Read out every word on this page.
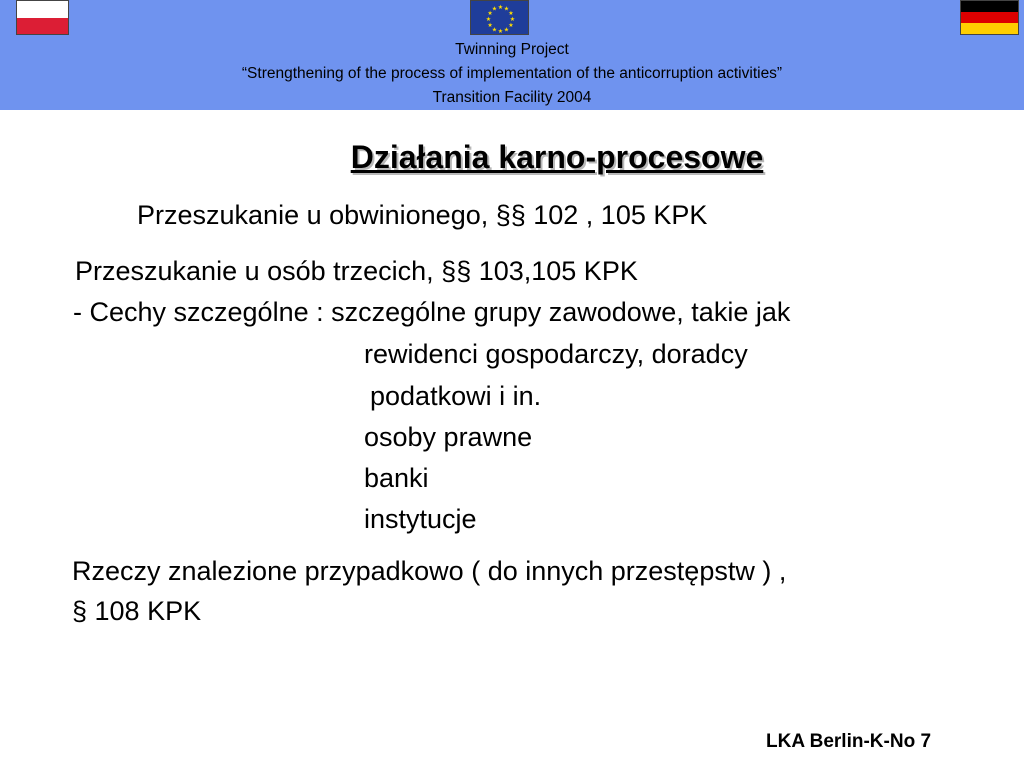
★ ★
★
★
★
★
★
★
★
★
★
★
Twinning Project
“Strengthening of the process of implementation of the anticorruption activities”
Transition Facility 2004
Działania karno-procesowe
Przeszukanie u obwinionego, §§ 102 , 105 KPK
Przeszukanie u osób trzecich, §§ 103,105 KPK
- Cechy szczególne : szczególne grupy zawodowe, takie jak
rewidenci gospodarczy, doradcy
podatkowi i in.
osoby prawne
banki
instytucje
Rzeczy znalezione przypadkowo ( do innych przestępstw ) ,
§ 108 KPK
LKA Berlin-K-No 7
